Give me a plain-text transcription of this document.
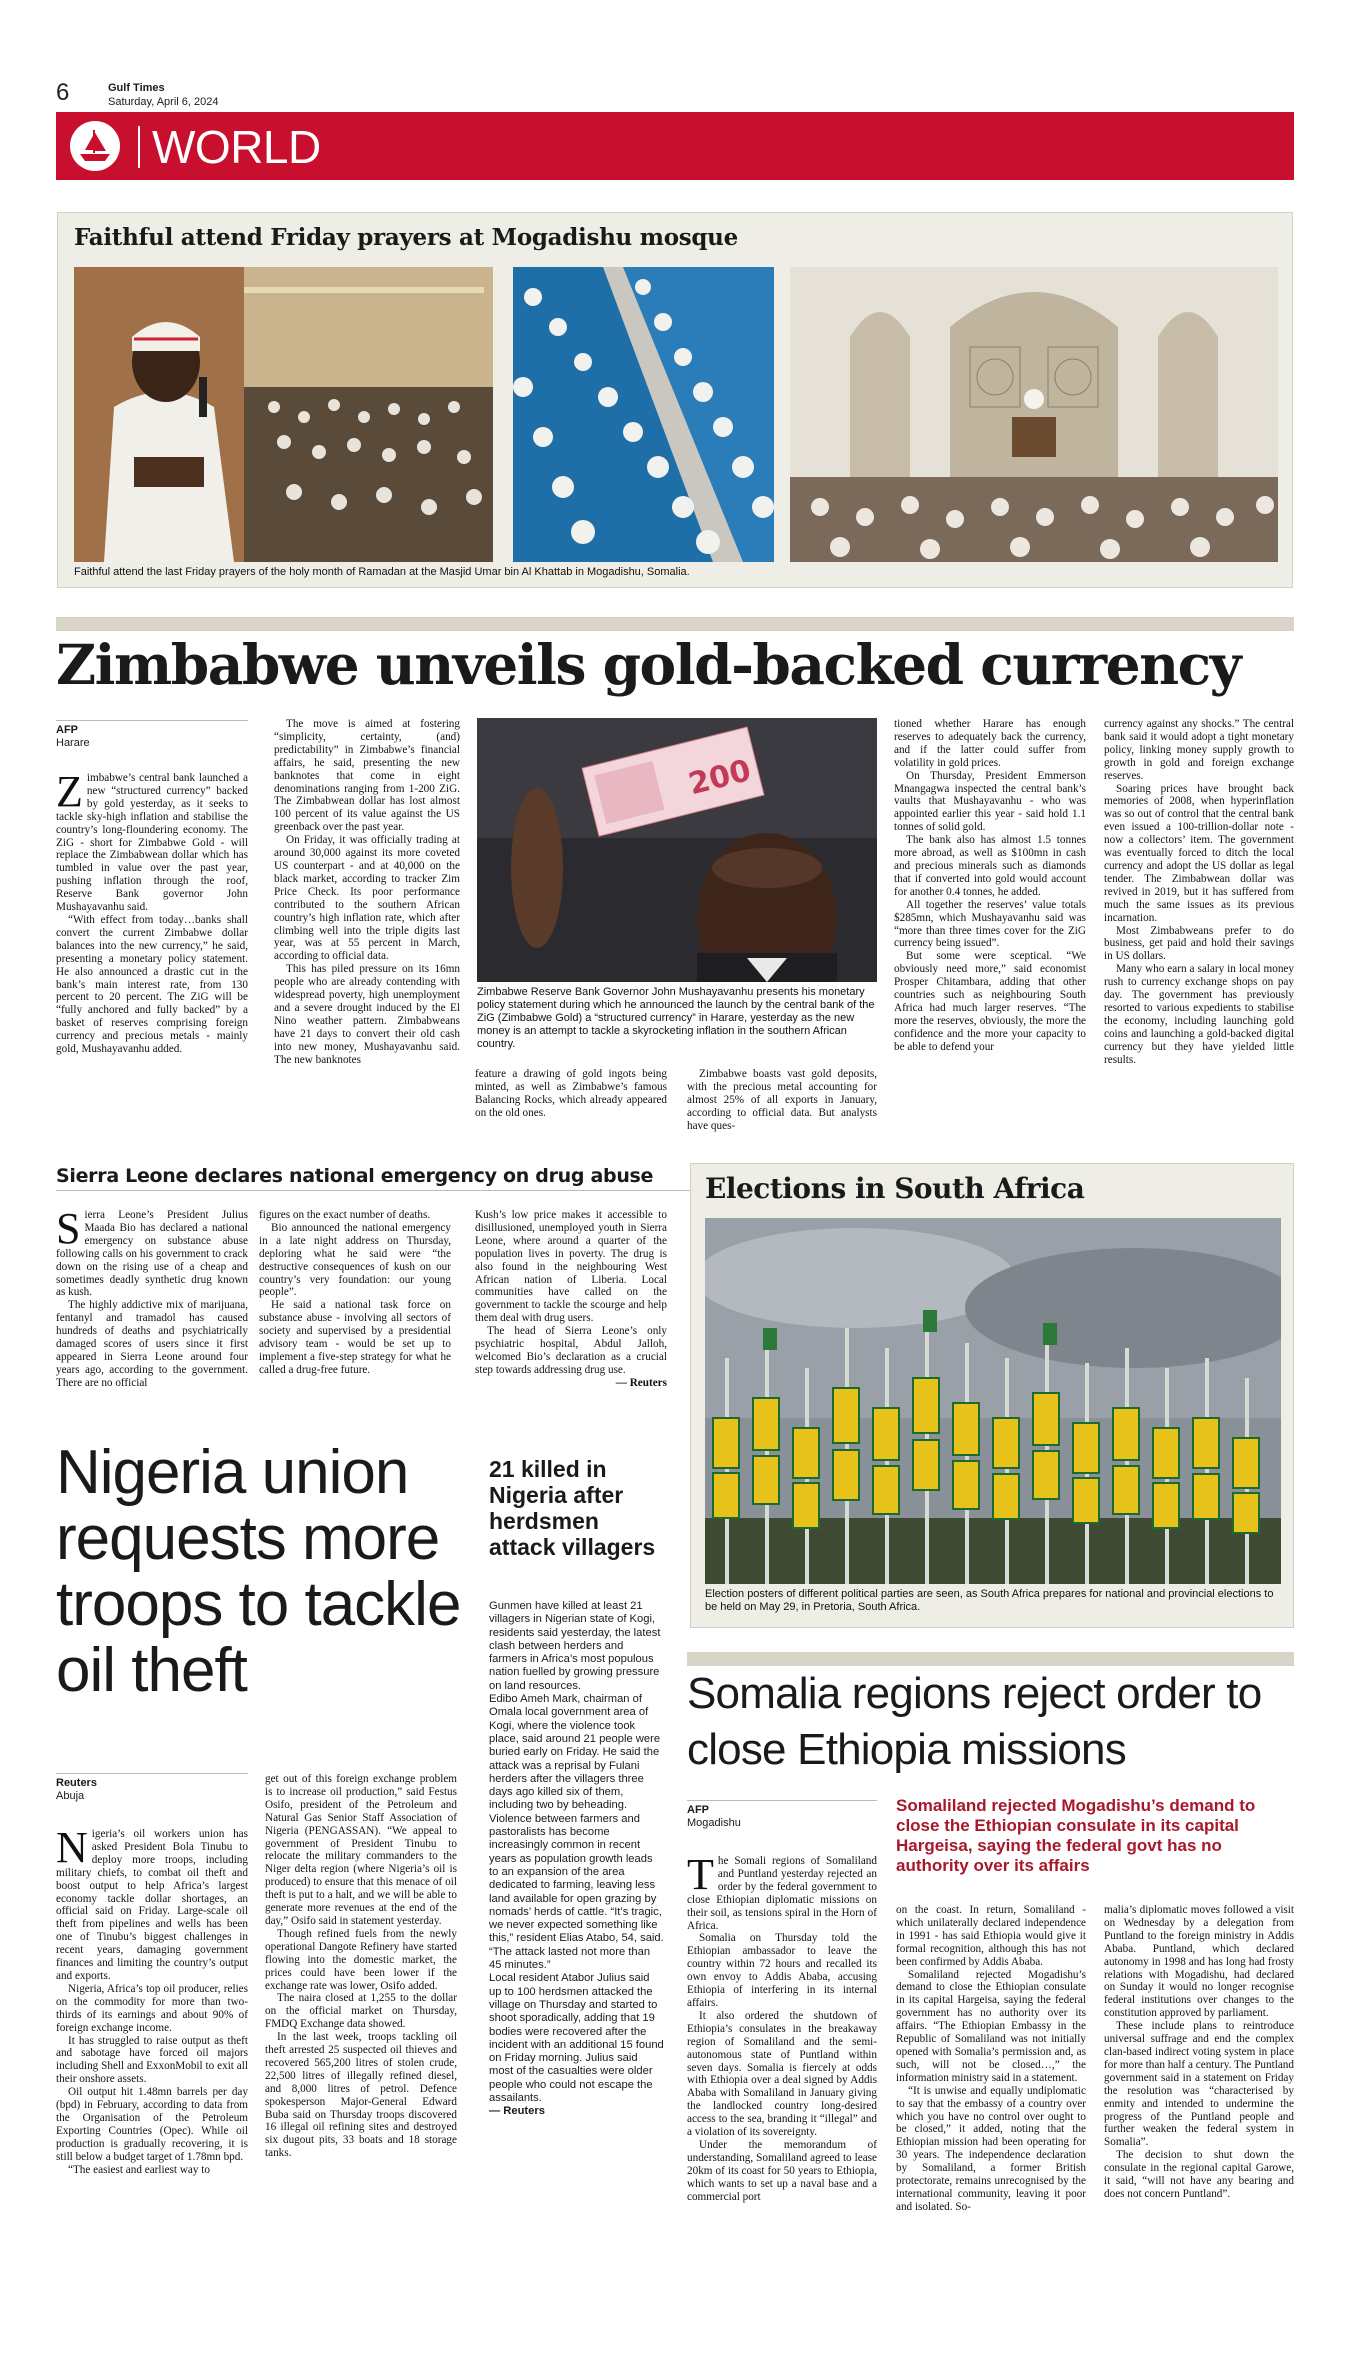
6	Gulf Times
Saturday, April 6, 2024
WORLD
Faithful attend Friday prayers at Mogadishu mosque
Faithful attend the last Friday prayers of the holy month of Ramadan at the Masjid Umar bin Al Khattab in Mogadishu, Somalia.
Zimbabwe unveils gold-backed currency
AFP
Harare

Zimbabwe’s central bank launched a new “structured currency” backed by gold yesterday, as it seeks to tackle sky-high inflation and stabilise the country’s long-floundering economy. The ZiG - short for Zimbabwe Gold - will replace the Zimbabwean dollar which has tumbled in value over the past year, pushing inflation through the roof, Reserve Bank governor John Mushayavanhu said.

“With effect from today…banks shall convert the current Zimbabwe dollar balances into the new currency,” he said, presenting a monetary policy statement. He also announced a drastic cut in the bank’s main interest rate, from 130 percent to 20 percent. The ZiG will be “fully anchored and fully backed” by a basket of reserves comprising foreign currency and precious metals - mainly gold, Mushayavanhu added.

The move is aimed at fostering “simplicity, certainty, (and) predictability” in Zimbabwe’s financial affairs, he said, presenting the new banknotes that come in eight denominations ranging from 1-200 ZiG. The Zimbabwean dollar has lost almost 100 percent of its value against the US greenback over the past year.

On Friday, it was officially trading at around 30,000 against its more coveted US counterpart - and at 40,000 on the black market, according to tracker Zim Price Check. Its poor performance contributed to the southern African country’s high inflation rate, which after climbing well into the triple digits last year, was at 55 percent in March, according to official data.

This has piled pressure on its 16mn people who are already contending with widespread poverty, high unemployment and a severe drought induced by the El Nino weather pattern. Zimbabweans have 21 days to convert their old cash into new money, Mushayavanhu said. The new banknotes

200
Zimbabwe Reserve Bank Governor John Mushayavanhu presents his monetary policy statement during which he announced the launch by the central bank of the ZiG (Zimbabwe Gold) a “structured currency” in Harare, yesterday as the new money is an attempt to tackle a skyrocketing inflation in the southern African country.

feature a drawing of gold ingots being minted, as well as Zimbabwe’s famous Balancing Rocks, which already appeared on the old ones.

Zimbabwe boasts vast gold deposits, with the precious metal accounting for almost 25% of all exports in January, according to official data. But analysts have ques-

tioned whether Harare has enough reserves to adequately back the currency, and if the latter could suffer from volatility in gold prices.

On Thursday, President Emmerson Mnangagwa inspected the central bank’s vaults that Mushayavanhu - who was appointed earlier this year - said hold 1.1 tonnes of solid gold.

The bank also has almost 1.5 tonnes more abroad, as well as $100mn in cash and precious minerals such as diamonds that if converted into gold would account for another 0.4 tonnes, he added.

All together the reserves’ value totals $285mn, which Mushayavanhu said was “more than three times cover for the ZiG currency being issued”.

But some were sceptical. “We obviously need more,” said economist Prosper Chitambara, adding that other countries such as neighbouring South Africa had much larger reserves. “The more the reserves, obviously, the more the confidence and the more your capacity to be able to defend your

currency against any shocks.” The central bank said it would adopt a tight monetary policy, linking money supply growth to growth in gold and foreign exchange reserves.

Soaring prices have brought back memories of 2008, when hyperinflation was so out of control that the central bank even issued a 100-trillion-dollar note - now a collectors’ item. The government was eventually forced to ditch the local currency and adopt the US dollar as legal tender. The Zimbabwean dollar was revived in 2019, but it has suffered from much the same issues as its previous incarnation.

Most Zimbabweans prefer to do business, get paid and hold their savings in US dollars.

Many who earn a salary in local money rush to currency exchange shops on pay day. The government has previously resorted to various expedients to stabilise the economy, including launching gold coins and launching a gold-backed digital currency but they have yielded little results.

Sierra Leone declares national emergency on drug abuse

Sierra Leone’s President Julius Maada Bio has declared a national emergency on substance abuse following calls on his government to crack down on the rising use of a cheap and sometimes deadly synthetic drug known as kush.

The highly addictive mix of marijuana, fentanyl and tramadol has caused hundreds of deaths and psychiatrically damaged scores of users since it first appeared in Sierra Leone around four years ago, according to the government. There are no official

figures on the exact number of deaths.

Bio announced the national emergency in a late night address on Thursday, deploring what he said were “the destructive consequences of kush on our country’s very foundation: our young people”.

He said a national task force on substance abuse - involving all sectors of society and supervised by a presidential advisory team - would be set up to implement a five-step strategy for what he called a drug-free future.

Kush’s low price makes it accessible to disillusioned, unemployed youth in Sierra Leone, where around a quarter of the population lives in poverty. The drug is also found in the neighbouring West African nation of Liberia. Local communities have called on the government to tackle the scourge and help them deal with drug users.

The head of Sierra Leone’s only psychiatric hospital, Abdul Jalloh, welcomed Bio’s declaration as a crucial step towards addressing drug use.

— Reuters

Elections in South Africa
Election posters of different political parties are seen, as South Africa prepares for national and provincial elections to be held on May 29, in Pretoria, South Africa.
Nigeria union requests more troops to tackle oil theft
Reuters
Abuja

Nigeria’s oil workers union has asked President Bola Tinubu to deploy more troops, including military chiefs, to combat oil theft and boost output to help Africa’s largest economy tackle dollar shortages, an official said on Friday. Large-scale oil theft from pipelines and wells has been one of Tinubu’s biggest challenges in recent years, damaging government finances and limiting the country’s output and exports.

Nigeria, Africa’s top oil producer, relies on the commodity for more than two-thirds of its earnings and about 90% of foreign exchange income.

It has struggled to raise output as theft and sabotage have forced oil majors including Shell and ExxonMobil to exit all their onshore assets.

Oil output hit 1.48mn barrels per day (bpd) in February, according to data from the Organisation of the Petroleum Exporting Countries (Opec). While oil production is gradually recovering, it is still below a budget target of 1.78mn bpd.

“The easiest and earliest way to

get out of this foreign exchange problem is to increase oil production,” said Festus Osifo, president of the Petroleum and Natural Gas Senior Staff Association of Nigeria (PENGASSAN). “We appeal to government of President Tinubu to relocate the military commanders to the Niger delta region (where Nigeria’s oil is produced) to ensure that this menace of oil theft is put to a halt, and we will be able to generate more revenues at the end of the day,” Osifo said in statement yesterday.

Though refined fuels from the newly operational Dangote Refinery have started flowing into the domestic market, the prices could have been lower if the exchange rate was lower, Osifo added.

The naira closed at 1,255 to the dollar on the official market on Thursday, FMDQ Exchange data showed.

In the last week, troops tackling oil theft arrested 25 suspected oil thieves and recovered 565,200 litres of stolen crude, 22,500 litres of illegally refined diesel, and 8,000 litres of petrol. Defence spokesperson Major-General Edward Buba said on Thursday troops discovered 16 illegal oil refining sites and destroyed six dugout pits, 33 boats and 18 storage tanks.

21 killed in Nigeria after herdsmen attack villagers

Gunmen have killed at least 21 villagers in Nigerian state of Kogi, residents said yesterday, the latest clash between herders and farmers in Africa’s most populous nation fuelled by growing pressure on land resources.

Edibo Ameh Mark, chairman of Omala local government area of Kogi, where the violence took place, said around 21 people were buried early on Friday. He said the attack was a reprisal by Fulani herders after the villagers three days ago killed six of them, including two by beheading.

Violence between farmers and pastoralists has become increasingly common in recent years as population growth leads to an expansion of the area dedicated to farming, leaving less land available for open grazing by nomads’ herds of cattle. “It’s tragic, we never expected something like this,” resident Elias Atabo, 54, said. “The attack lasted not more than 45 minutes.”

Local resident Atabor Julius said up to 100 herdsmen attacked the village on Thursday and started to shoot sporadically, adding that 19 bodies were recovered after the incident with an additional 15 found on Friday morning. Julius said most of the casualties were older people who could not escape the assailants.

— Reuters

Somalia regions reject order to close Ethiopia missions
AFP
Mogadishu
Somaliland rejected Mogadishu’s demand to close the Ethiopian consulate in its capital Hargeisa, saying the federal govt has no authority over its affairs

The Somali regions of Somaliland and Puntland yesterday rejected an order by the federal government to close Ethiopian diplomatic missions on their soil, as tensions spiral in the Horn of Africa.

Somalia on Thursday told the Ethiopian ambassador to leave the country within 72 hours and recalled its own envoy to Addis Ababa, accusing Ethiopia of interfering in its internal affairs.

It also ordered the shutdown of Ethiopia’s consulates in the breakaway region of Somaliland and the semi-autonomous state of Puntland within seven days. Somalia is fiercely at odds with Ethiopia over a deal signed by Addis Ababa with Somaliland in January giving the landlocked country long-desired access to the sea, branding it “illegal” and a violation of its sovereignty.

Under the memorandum of understanding, Somaliland agreed to lease 20km of its coast for 50 years to Ethiopia, which wants to set up a naval base and a commercial port

on the coast. In return, Somaliland - which unilaterally declared independence in 1991 - has said Ethiopia would give it formal recognition, although this has not been confirmed by Addis Ababa.

Somaliland rejected Mogadishu’s demand to close the Ethiopian consulate in its capital Hargeisa, saying the federal government has no authority over its affairs. “The Ethiopian Embassy in the Republic of Somaliland was not initially opened with Somalia’s permission and, as such, will not be closed…,” the information ministry said in a statement.

“It is unwise and equally undiplomatic to say that the embassy of a country over which you have no control over ought to be closed,” it added, noting that the Ethiopian mission had been operating for 30 years. The independence declaration by Somaliland, a former British protectorate, remains unrecognised by the international community, leaving it poor and isolated. So-

malia’s diplomatic moves followed a visit on Wednesday by a delegation from Puntland to the foreign ministry in Addis Ababa. Puntland, which declared autonomy in 1998 and has long had frosty relations with Mogadishu, had declared on Sunday it would no longer recognise federal institutions over changes to the constitution approved by parliament.

These include plans to reintroduce universal suffrage and end the complex clan-based indirect voting system in place for more than half a century. The Puntland government said in a statement on Friday the resolution was “characterised by enmity and intended to undermine the progress of the Puntland people and further weaken the federal system in Somalia”.

The decision to shut down the consulate in the regional capital Garowe, it said, “will not have any bearing and does not concern Puntland”.
